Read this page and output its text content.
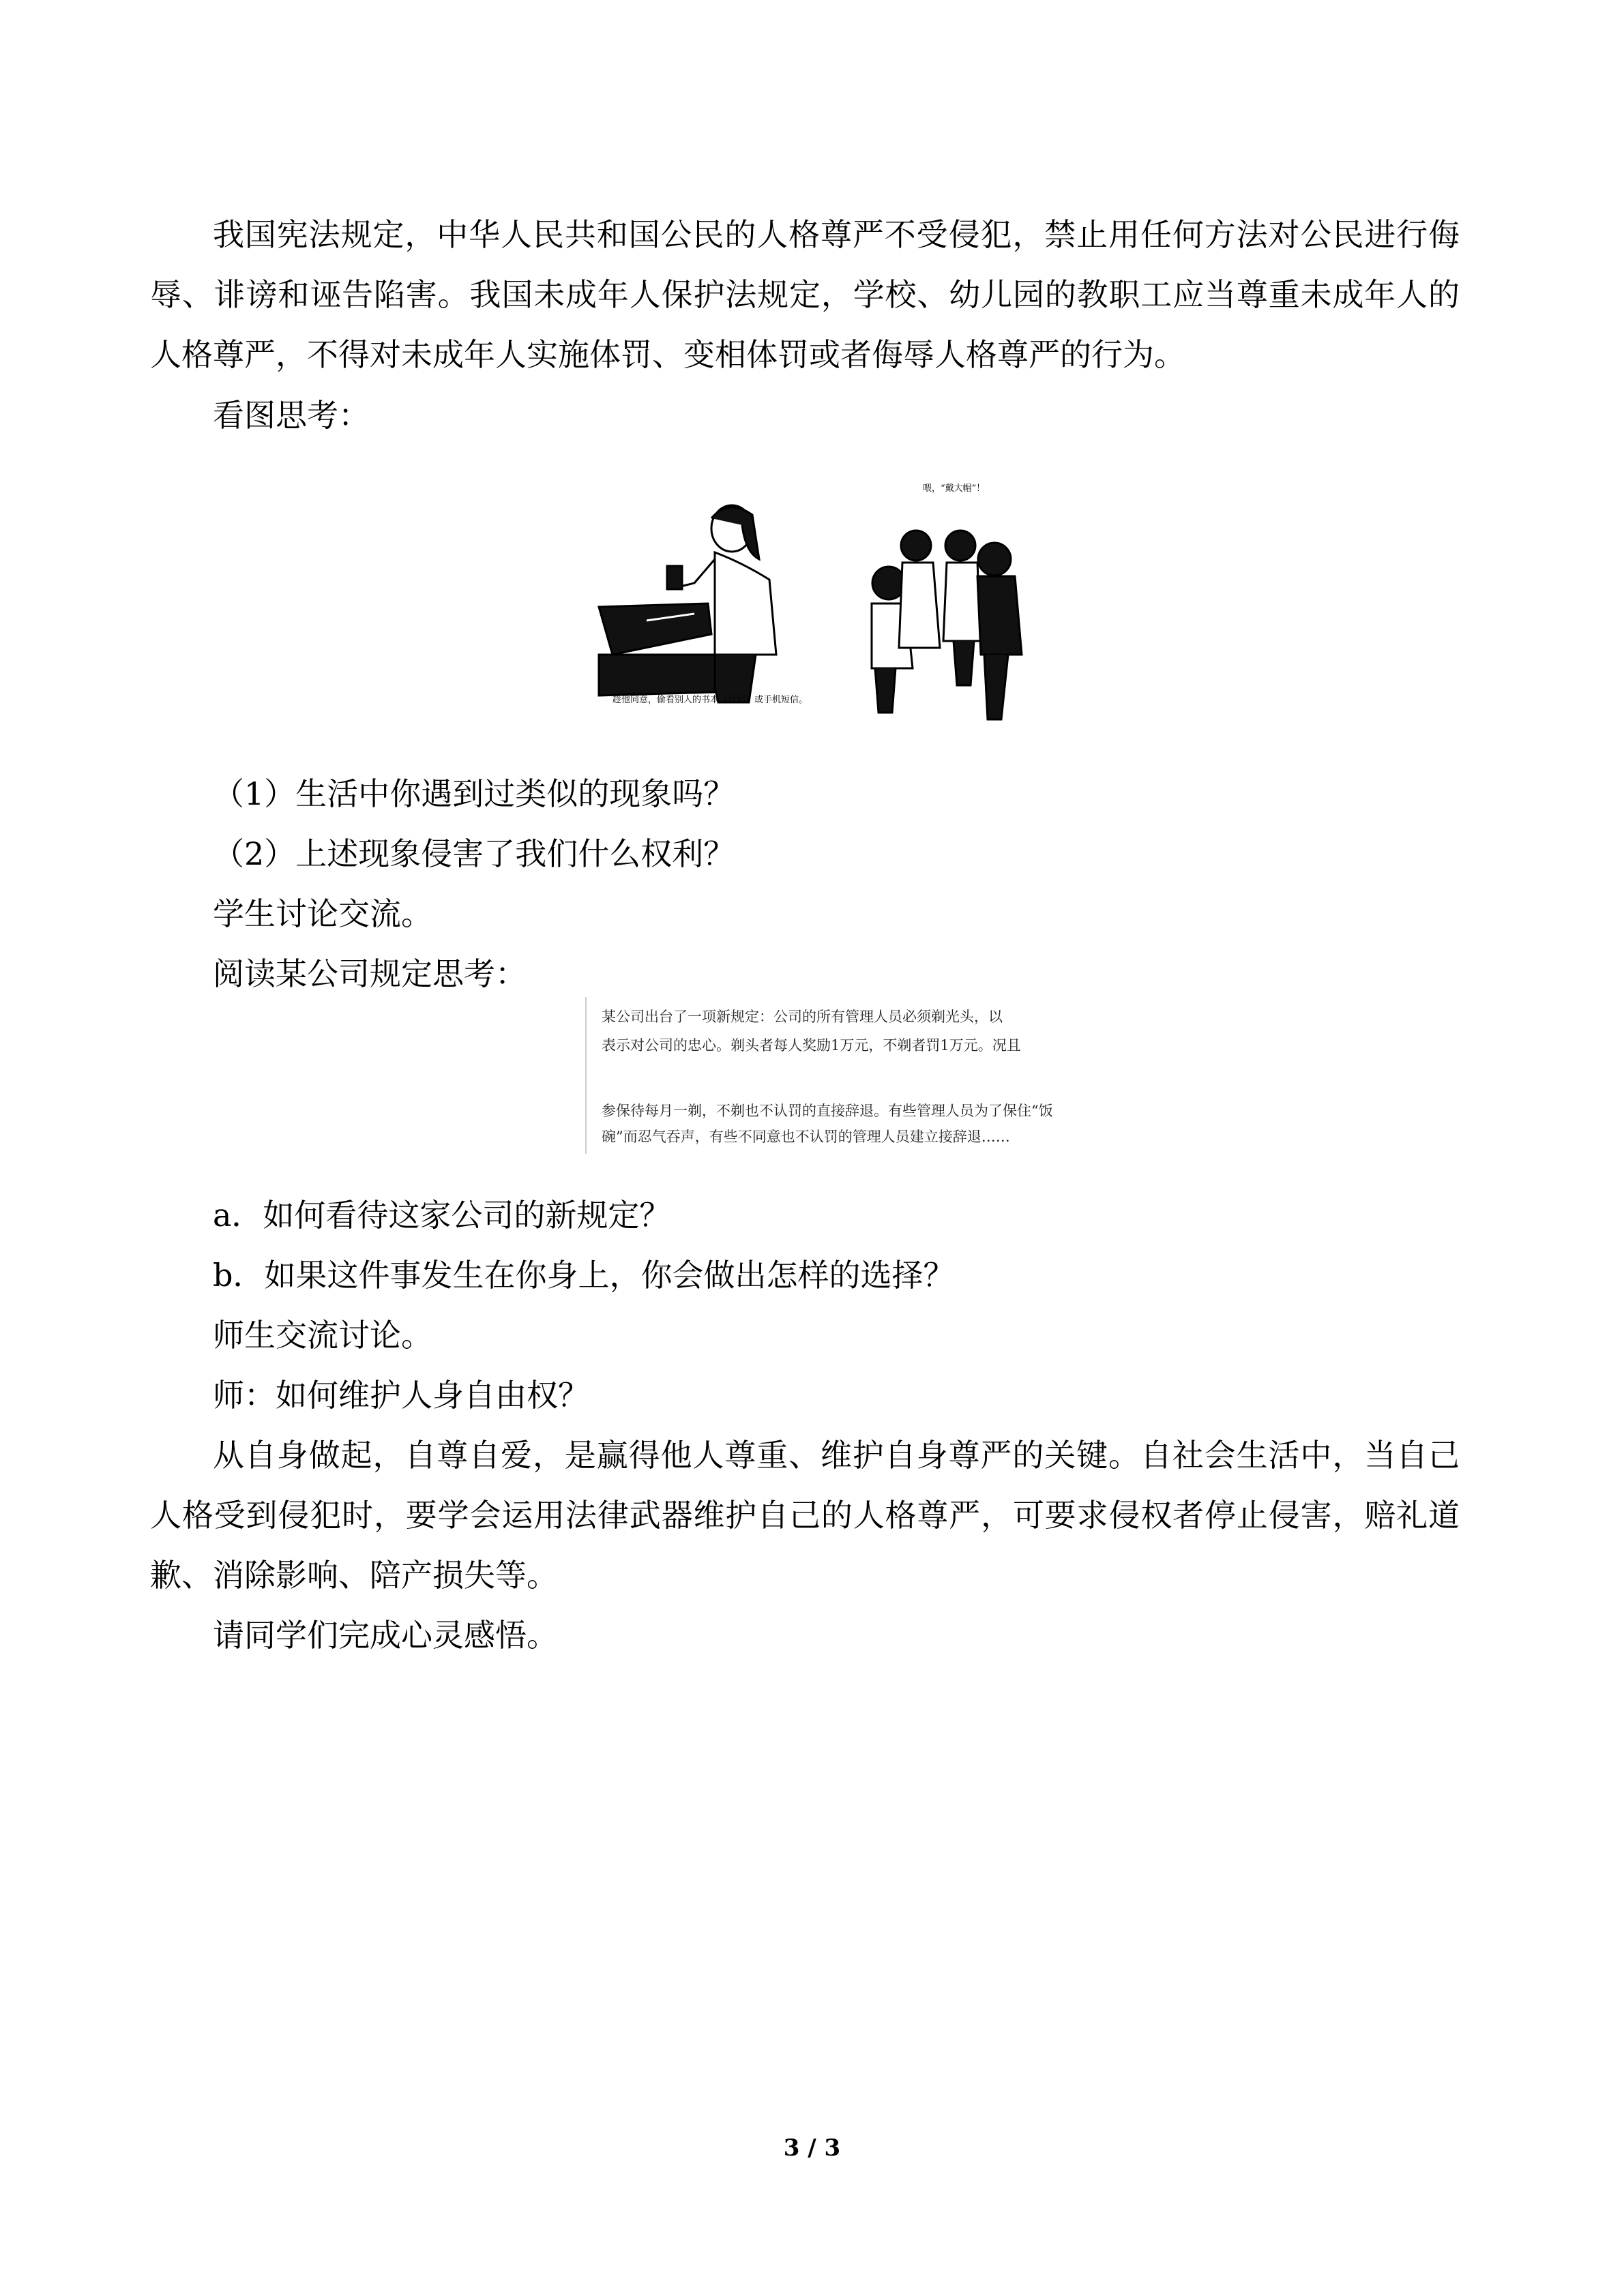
我国宪法规定，中华人民共和国公民的人格尊严不受侵犯，禁止用任何方法对公民进行侮辱、诽谤和诬告陷害。我国未成年人保护法规定，学校、幼儿园的教职工应当尊重未成年人的人格尊严，不得对未成年人实施体罚、变相体罚或者侮辱人格尊严的行为。

看图思考：

趁他同意，偷看别人的书本（日记）或手机短信。
喂，“戴大帽”！

（1）生活中你遇到过类似的现象吗？

（2）上述现象侵害了我们什么权利？

学生讨论交流。

阅读某公司规定思考：

某公司出台了一项新规定：公司的所有管理人员必须剃光头，以
表示对公司的忠心。剃头者每人奖励1万元，不剃者罚1万元。况且
参保待每月一剃，不剃也不认罚的直接辞退。有些管理人员为了保住“饭
碗”而忍气吞声，有些不同意也不认罚的管理人员建立接辞退……

a．如何看待这家公司的新规定？

b．如果这件事发生在你身上，你会做出怎样的选择？

师生交流讨论。

师：如何维护人身自由权？

从自身做起，自尊自爱，是赢得他人尊重、维护自身尊严的关键。自社会生活中，当自己人格受到侵犯时，要学会运用法律武器维护自己的人格尊严，可要求侵权者停止侵害，赔礼道歉、消除影响、陪产损失等。

请同学们完成心灵感悟。

3 / 3
